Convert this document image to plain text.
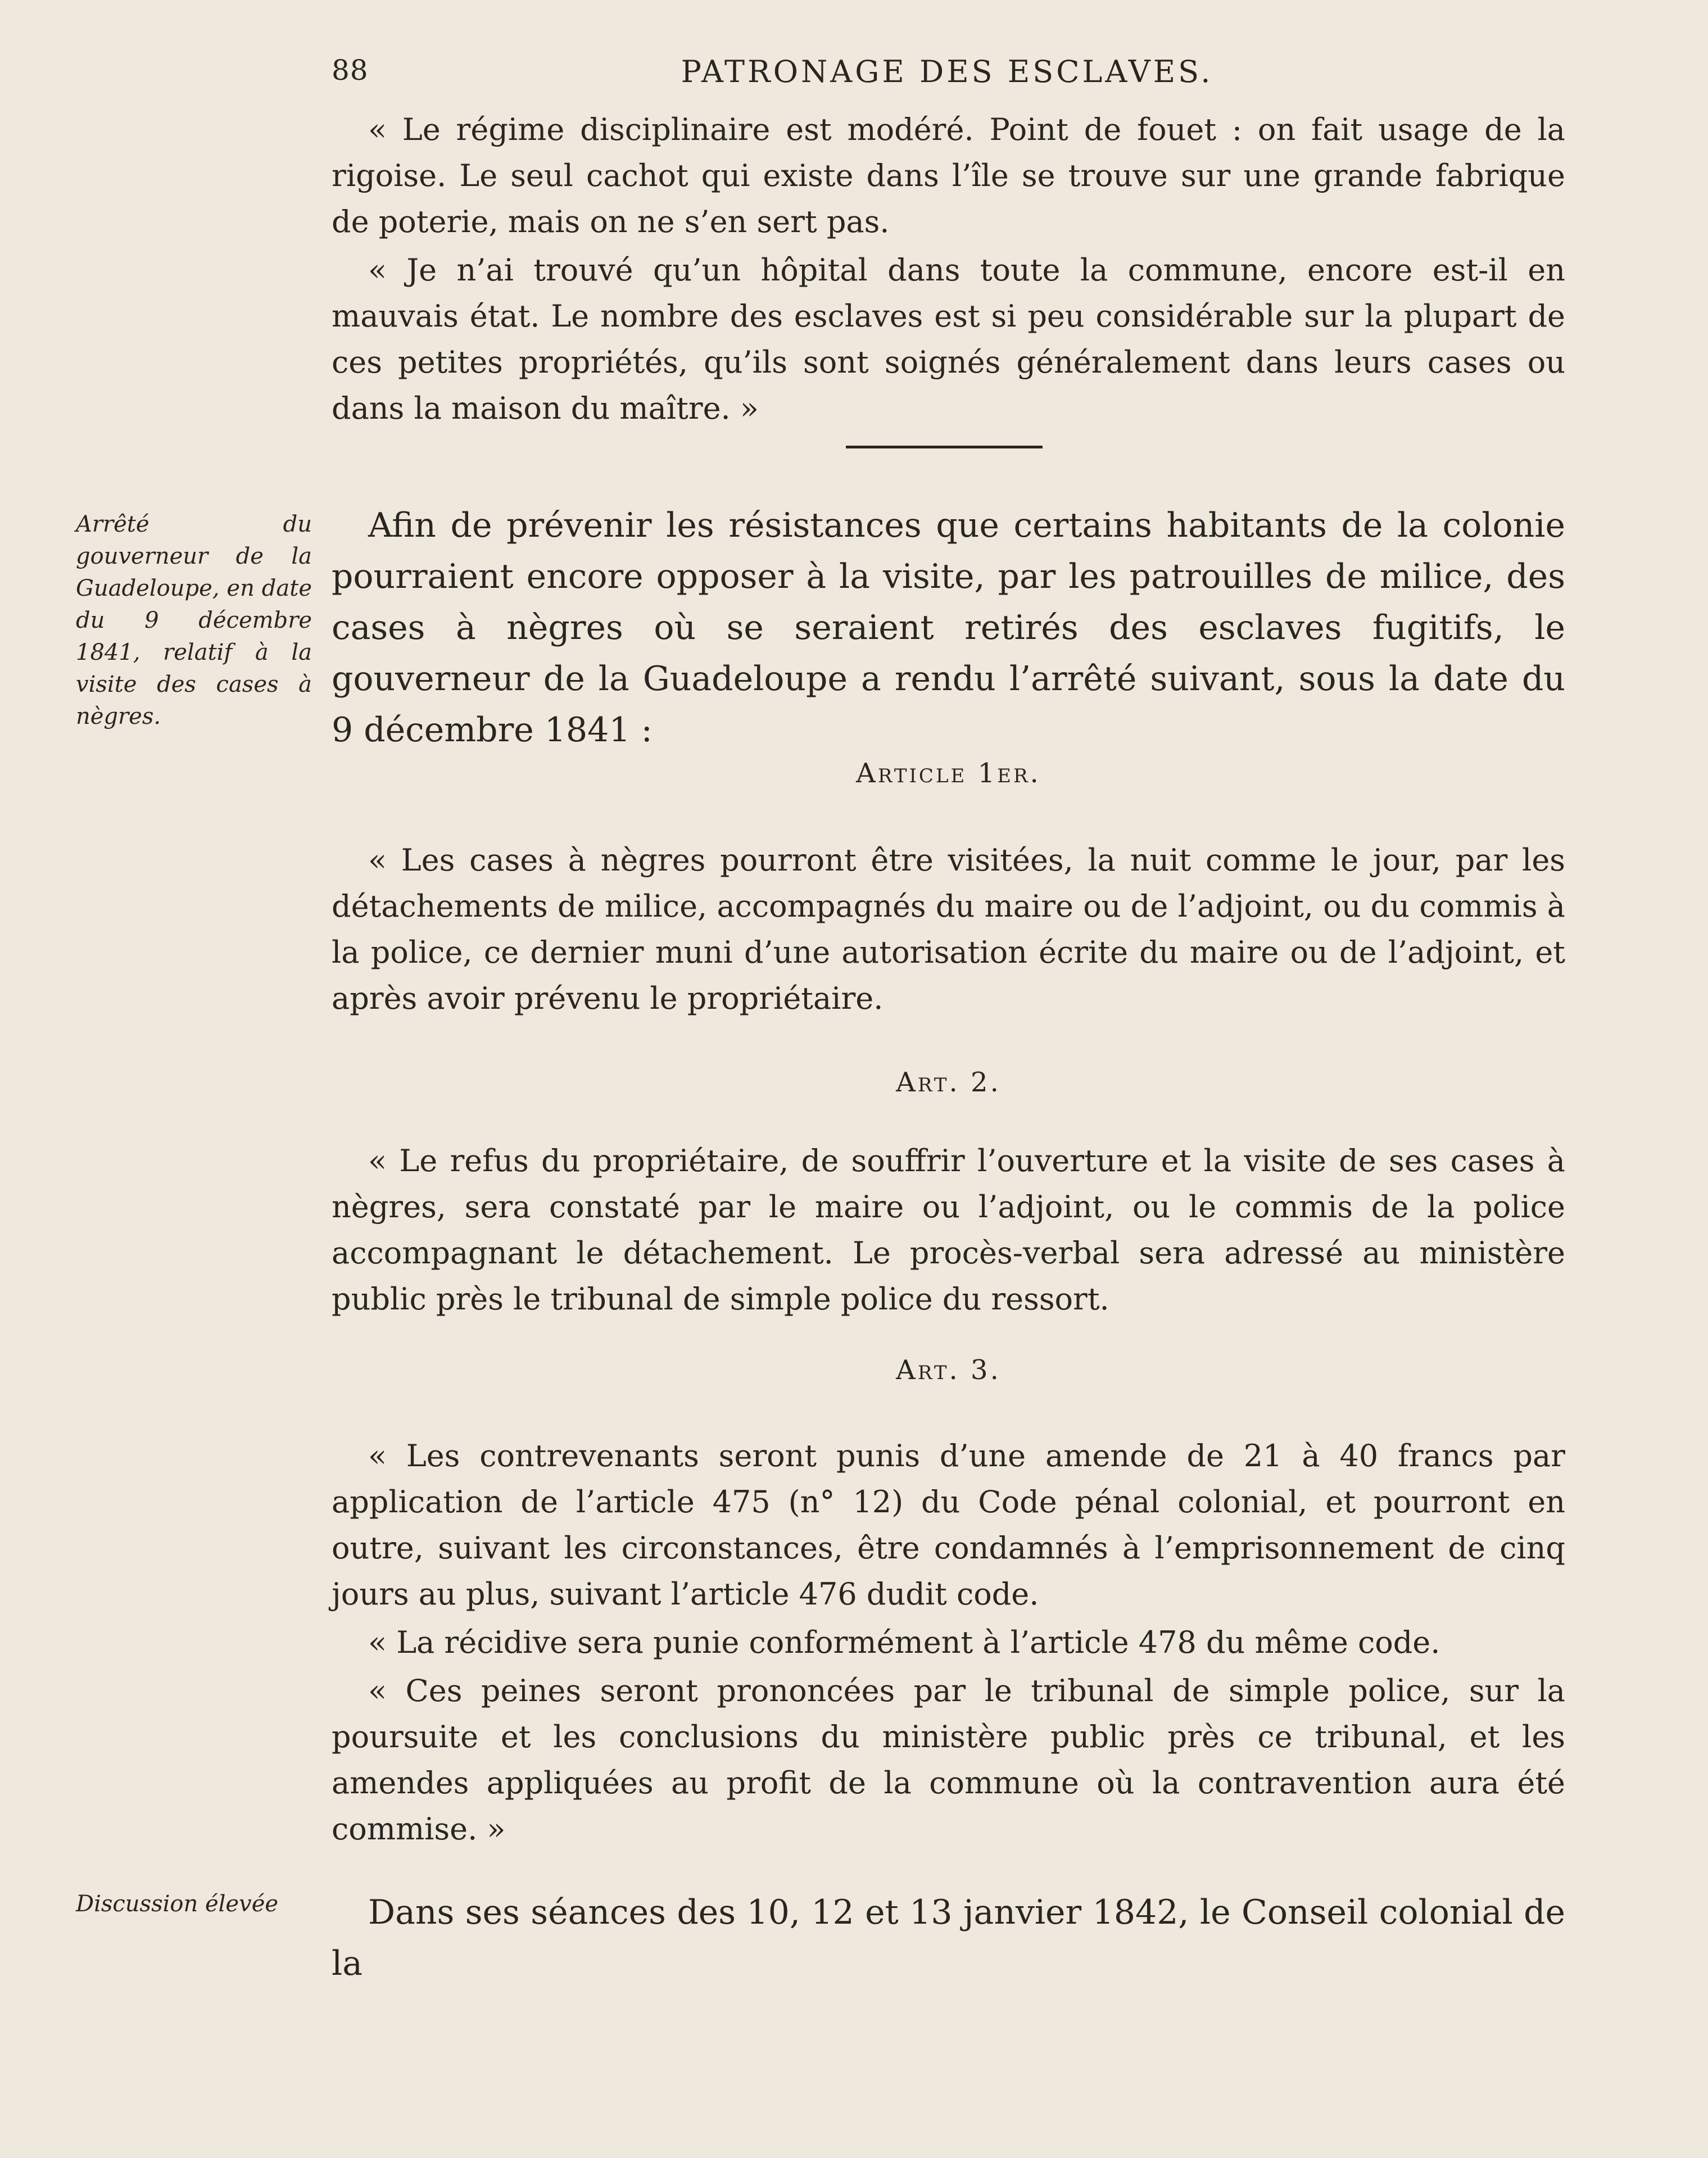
88	PATRONAGE DES ESCLAVES.

« Le régime disciplinaire est modéré. Point de fouet : on fait usage de la rigoise. Le seul cachot qui existe dans l’île se trouve sur une grande fabrique de poterie, mais on ne s’en sert pas.

« Je n’ai trouvé qu’un hôpital dans toute la commune, encore est-il en mauvais état. Le nombre des esclaves est si peu considérable sur la plupart de ces petites propriétés, qu’ils sont soignés généralement dans leurs cases ou dans la maison du maître. »

Arrêté du gouverneur de la Guadeloupe, en date du 9 décembre 1841, relatif à la visite des cases à nègres.

Afin de prévenir les résistances que certains habitants de la colonie pourraient encore opposer à la visite, par les patrouilles de milice, des cases à nègres où se seraient retirés des esclaves fugitifs, le gouverneur de la Guadeloupe a rendu l’arrêté suivant, sous la date du 9 décembre 1841 :

Article 1er.

« Les cases à nègres pourront être visitées, la nuit comme le jour, par les détachements de milice, accompagnés du maire ou de l’adjoint, ou du commis à la police, ce dernier muni d’une autorisation écrite du maire ou de l’adjoint, et après avoir prévenu le propriétaire.

Art. 2.

« Le refus du propriétaire, de souffrir l’ouverture et la visite de ses cases à nègres, sera constaté par le maire ou l’adjoint, ou le commis de la police accompagnant le détachement. Le procès-verbal sera adressé au ministère public près le tribunal de simple police du ressort.

Art. 3.

« Les contrevenants seront punis d’une amende de 21 à 40 francs par application de l’article 475 (n° 12) du Code pénal colonial, et pourront en outre, suivant les circonstances, être condamnés à l’emprisonnement de cinq jours au plus, suivant l’article 476 dudit code.

« La récidive sera punie conformément à l’article 478 du même code.

« Ces peines seront prononcées par le tribunal de simple police, sur la poursuite et les conclusions du ministère public près ce tribunal, et les amendes appliquées au profit de la commune où la contravention aura été commise. »

Discussion élevée	Dans ses séances des 10, 12 et 13 janvier 1842, le Conseil colonial de la
